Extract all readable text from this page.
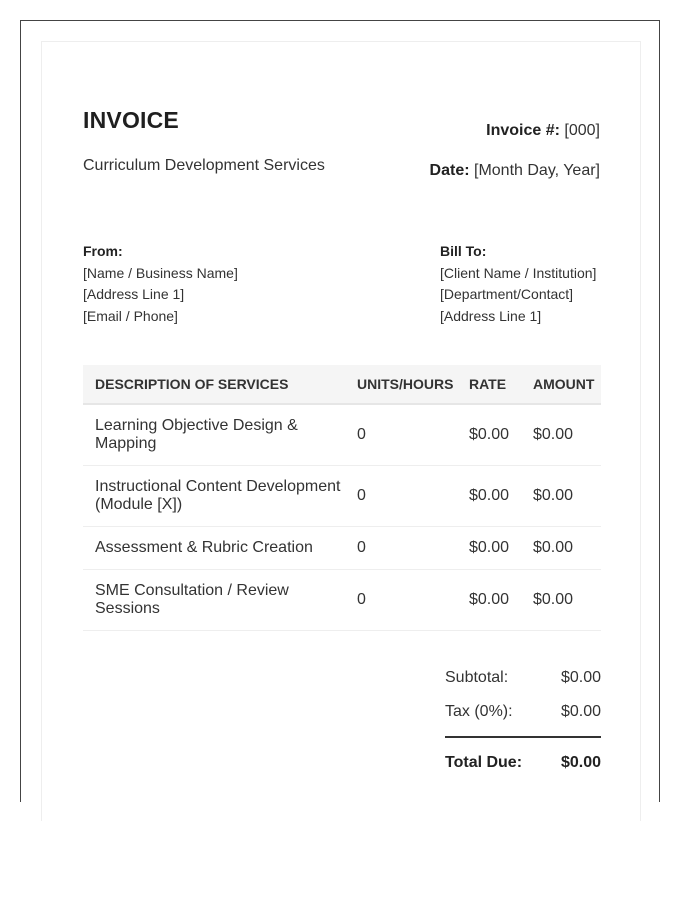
INVOICE
Curriculum Development Services
Invoice #: [000]
Date: [Month Day, Year]
From:
[Name / Business Name]
[Address Line 1]
[Email / Phone]
Bill To:
[Client Name / Institution]
[Department/Contact]
[Address Line 1]
DESCRIPTION OF SERVICES	UNITS/HOURS	RATE	AMOUNT
Learning Objective Design & Mapping	0	$0.00	$0.00
Instructional Content Development (Module [X])	0	$0.00	$0.00
Assessment & Rubric Creation	0	$0.00	$0.00
SME Consultation / Review Sessions	0	$0.00	$0.00
Subtotal:	$0.00
Tax (0%):	$0.00
Total Due: $0.00
